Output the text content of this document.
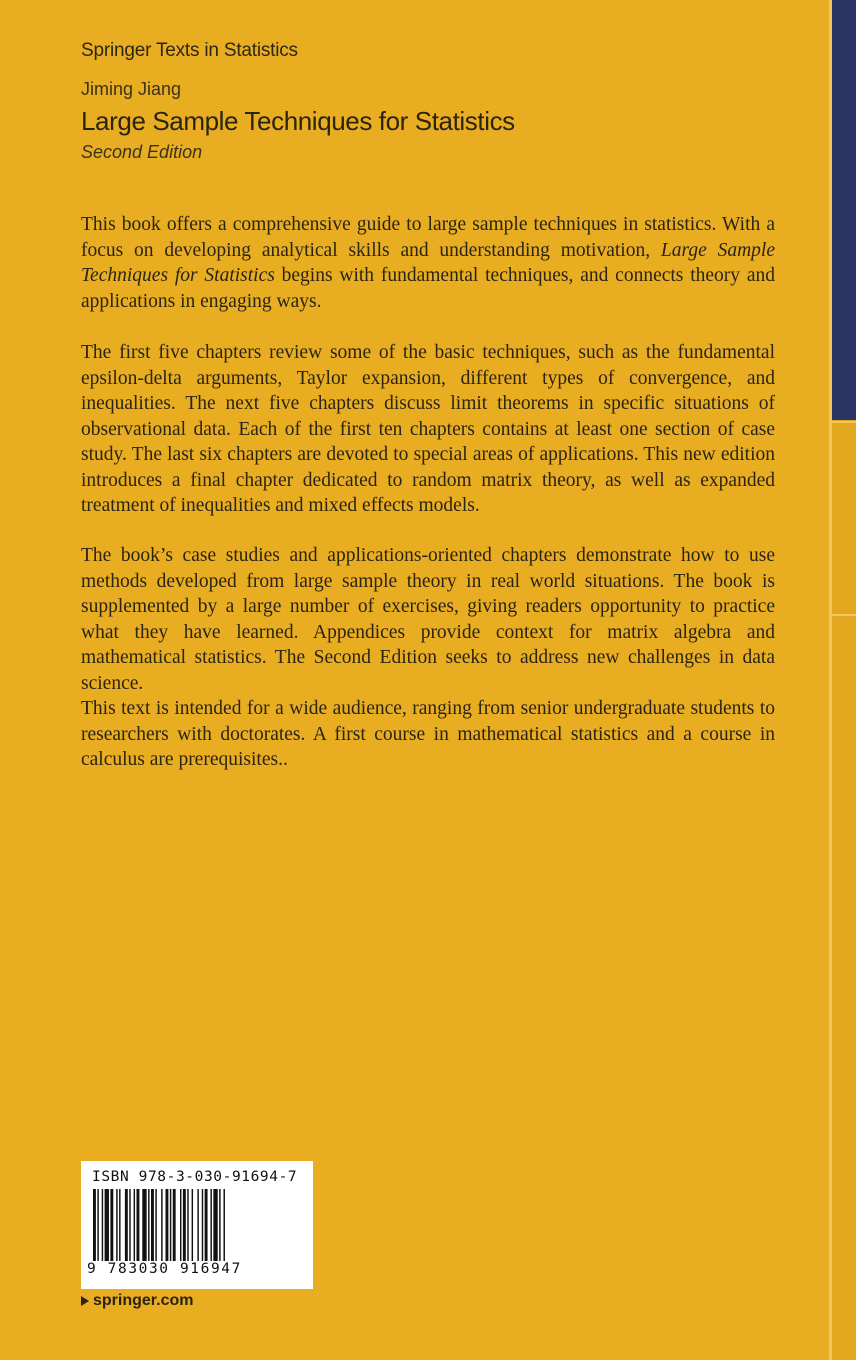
Springer Texts in Statistics
Jiming Jiang
Large Sample Techniques for Statistics
Second Edition

This book offers a comprehensive guide to large sample techniques in statistics. With a focus on developing analytical skills and understanding motivation, Large Sample Techniques for Statistics begins with fundamental techniques, and connects theory and applications in engaging ways.

The first five chapters review some of the basic techniques, such as the fundamental epsilon-delta arguments, Taylor expansion, different types of convergence, and inequalities. The next five chapters discuss limit theorems in specific situations of observational data. Each of the first ten chapters contains at least one section of case study. The last six chapters are devoted to special areas of applications. This new edition introduces a final chapter dedicated to random matrix theory, as well as expanded treatment of inequalities and mixed effects models.

The book’s case studies and applications-oriented chapters demonstrate how to use methods developed from large sample theory in real world situations. The book is supplemented by a large number of exercises, giving readers opportunity to practice what they have learned. Appendices provide context for matrix algebra and mathematical statistics. The Second Edition seeks to address new challenges in data science.

This text is intended for a wide audience, ranging from senior undergraduate students to researchers with doctorates. A first course in mathematical statistics and a course in calculus are prerequisites..

ISBN 978-3-030-91694-7
9 783030 916947
springer.com
